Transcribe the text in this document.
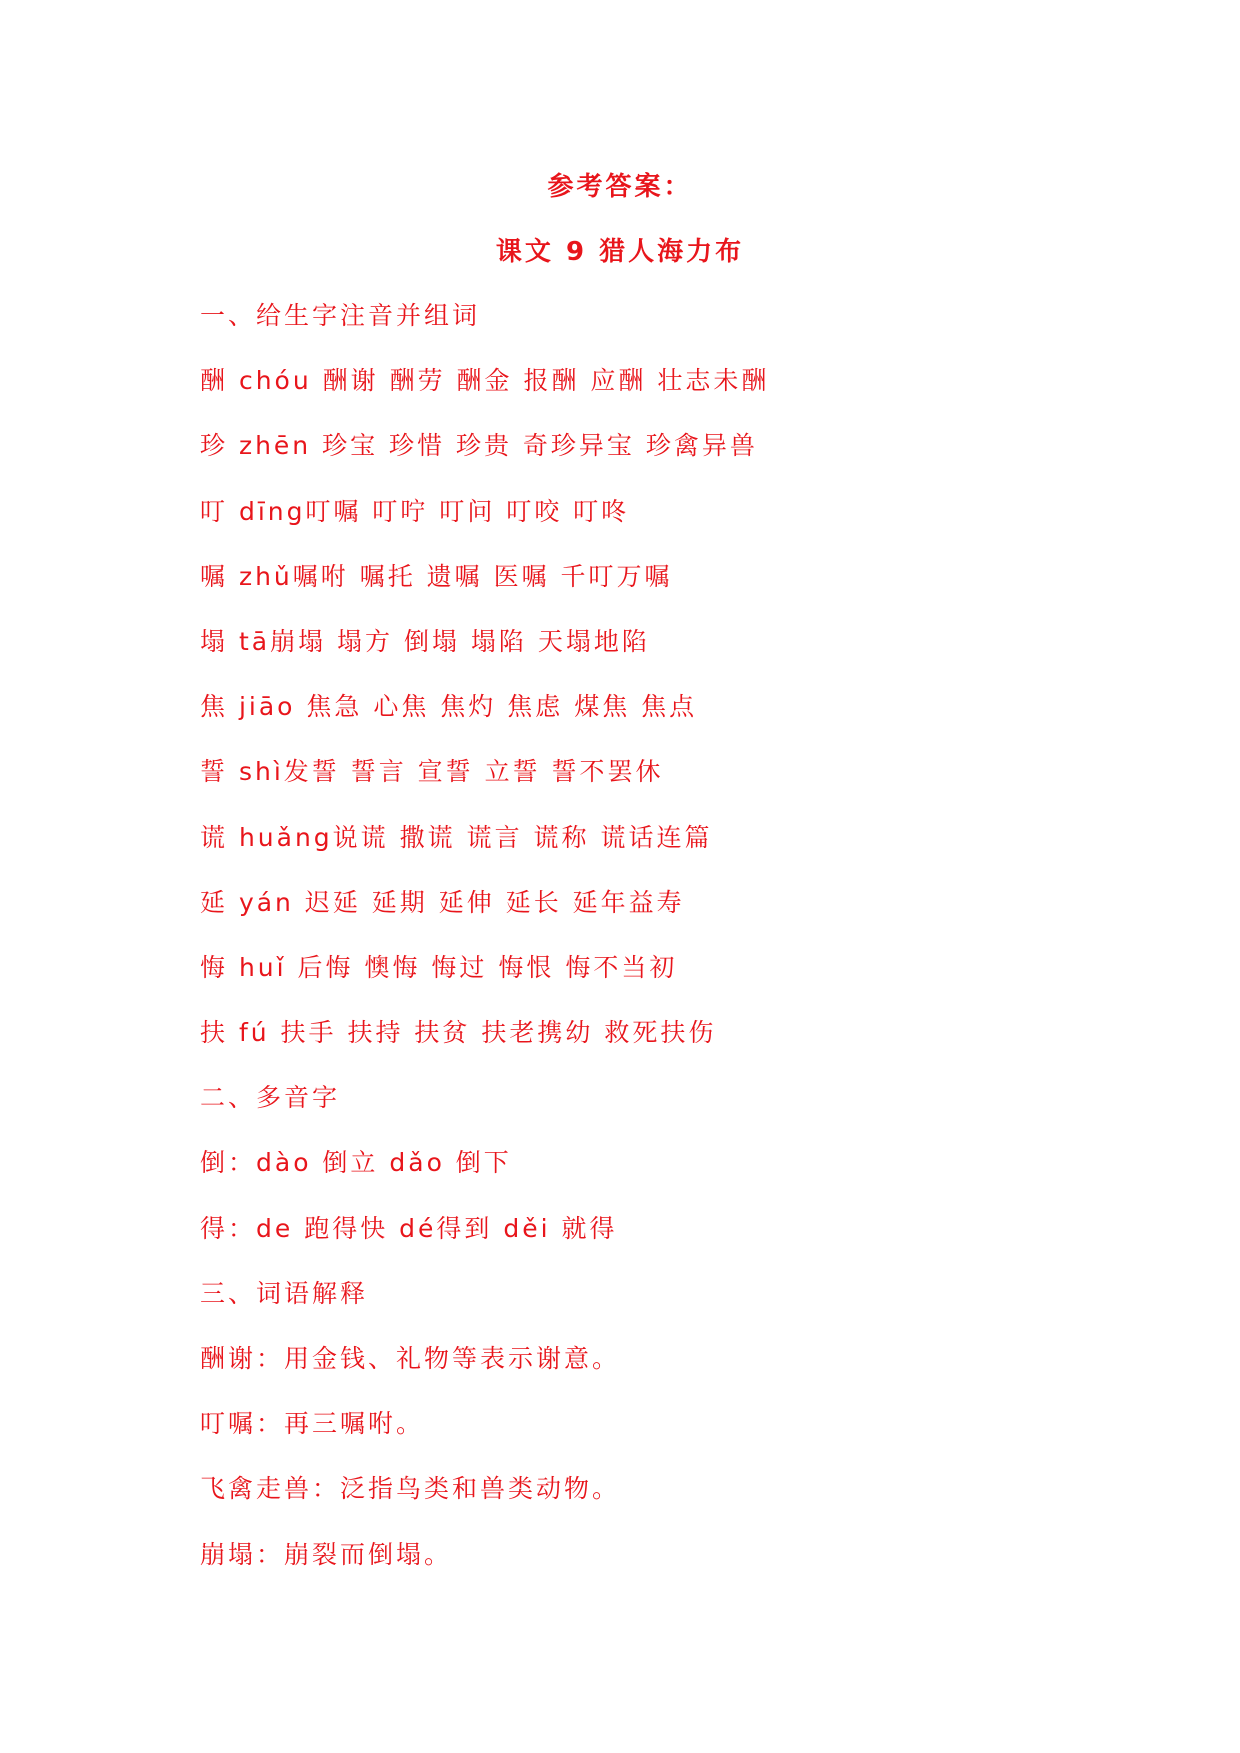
参考答案：
课文 9 猎人海力布
一、给生字注音并组词
酬 chóu 酬谢 酬劳 酬金 报酬 应酬 壮志未酬
珍 zhēn 珍宝 珍惜 珍贵 奇珍异宝 珍禽异兽
叮 dīng叮嘱 叮咛 叮问 叮咬 叮咚
嘱 zhǔ嘱咐 嘱托 遗嘱 医嘱 千叮万嘱
塌 tā崩塌 塌方 倒塌 塌陷 天塌地陷
焦 jiāo 焦急 心焦 焦灼 焦虑 煤焦 焦点
誓 shì发誓 誓言 宣誓 立誓 誓不罢休
谎 huǎng说谎 撒谎 谎言 谎称 谎话连篇
延 yán 迟延 延期 延伸 延长 延年益寿
悔 huǐ 后悔 懊悔 悔过 悔恨 悔不当初
扶 fú 扶手 扶持 扶贫 扶老携幼 救死扶伤
二、多音字
倒：dào 倒立 dǎo 倒下
得：de 跑得快 dé得到 děi 就得
三、词语解释
酬谢：用金钱、礼物等表示谢意。
叮嘱：再三嘱咐。
飞禽走兽：泛指鸟类和兽类动物。
崩塌：崩裂而倒塌。
